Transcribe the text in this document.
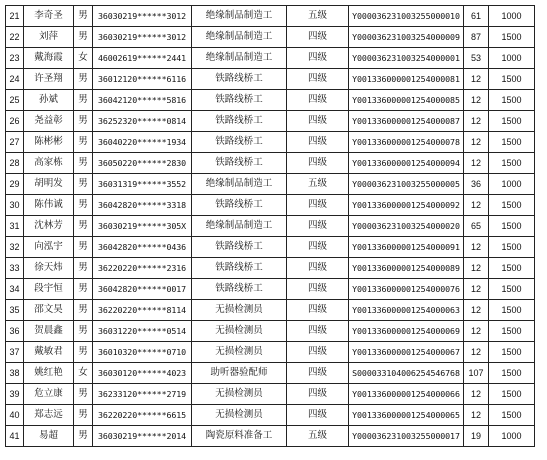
21	李奇圣	男	36030219******3012	绝缘制品制造工	五级	Y000036231003255000010	61	1000
22	刘萍	男	36030219******3012	绝缘制品制造工	四级	Y000036231003254000009	87	1500
23	戴海霞	女	46002619******2441	绝缘制品制造工	四级	Y000036231003254000001	53	1000
24	许圣翔	男	36012120******6116	铁路线桥工	四级	Y001336000001254000081	12	1500
25	孙斌	男	36042120******5816	铁路线桥工	四级	Y001336000001254000085	12	1500
26	尧益彰	男	36252320******0814	铁路线桥工	四级	Y001336000001254000087	12	1500
27	陈彬彬	男	36040220******1934	铁路线桥工	四级	Y001336000001254000078	12	1500
28	高家栋	男	36050220******2830	铁路线桥工	四级	Y001336000001254000094	12	1500
29	胡明发	男	36031319******3552	绝缘制品制造工	五级	Y000036231003255000005	36	1000
30	陈伟诚	男	36042820******3318	铁路线桥工	四级	Y001336000001254000092	12	1500
31	沈林芳	男	36030219******305X	绝缘制品制造工	四级	Y000036231003254000020	65	1500
32	向泓宇	男	36042820******0436	铁路线桥工	四级	Y001336000001254000091	12	1500
33	徐天炜	男	36220220******2316	铁路线桥工	四级	Y001336000001254000089	12	1500
34	段宇恒	男	36042820******0017	铁路线桥工	四级	Y001336000001254000076	12	1500
35	邵文昊	男	36220220******8114	无损检测员	四级	Y001336000001254000063	12	1500
36	贺晨鑫	男	36031220******0514	无损检测员	四级	Y001336000001254000069	12	1500
37	戴敏君	男	36010320******0710	无损检测员	四级	Y001336000001254000067	12	1500
38	姚红艳	女	36030120******4023	助听器验配师	四级	S000033104006254546768	107	1500
39	危立康	男	36233120******2719	无损检测员	四级	Y001336000001254000066	12	1500
40	郑志远	男	36220220******6615	无损检测员	四级	Y001336000001254000065	12	1500
41	易超	男	36030219******2014	陶瓷原料准备工	五级	Y000036231003255000017	19	1000
